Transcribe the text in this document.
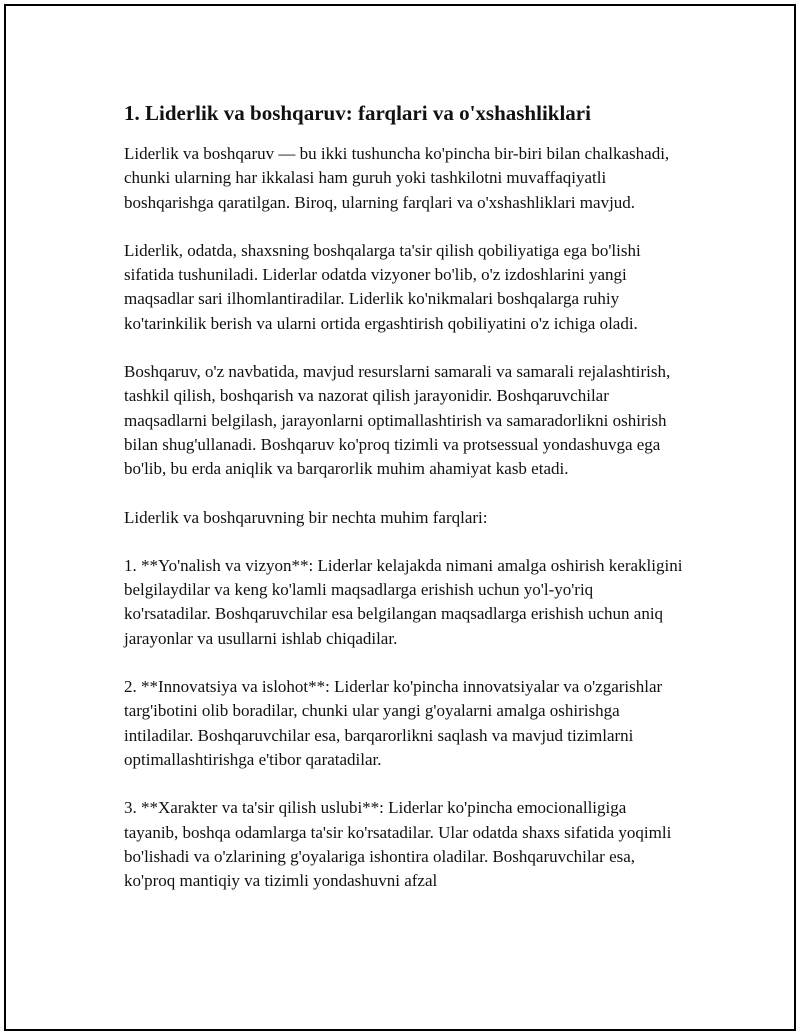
1. Liderlik va boshqaruv: farqlari va o'xshashliklari

Liderlik va boshqaruv — bu ikki tushuncha ko'pincha bir-biri bilan chalkashadi, chunki ularning har ikkalasi ham guruh yoki tashkilotni muvaffaqiyatli boshqarishga qaratilgan. Biroq, ularning farqlari va o'xshashliklari mavjud.

Liderlik, odatda, shaxsning boshqalarga ta'sir qilish qobiliyatiga ega bo'lishi sifatida tushuniladi. Liderlar odatda vizyoner bo'lib, o'z izdoshlarini yangi maqsadlar sari ilhomlantiradilar. Liderlik ko'nikmalari boshqalarga ruhiy ko'tarinkilik berish va ularni ortida ergashtirish qobiliyatini o'z ichiga oladi.

Boshqaruv, o'z navbatida, mavjud resurslarni samarali va samarali rejalashtirish, tashkil qilish, boshqarish va nazorat qilish jarayonidir. Boshqaruvchilar maqsadlarni belgilash, jarayonlarni optimallashtirish va samaradorlikni oshirish bilan shug'ullanadi. Boshqaruv ko'proq tizimli va protsessual yondashuvga ega bo'lib, bu erda aniqlik va barqarorlik muhim ahamiyat kasb etadi.

Liderlik va boshqaruvning bir nechta muhim farqlari:

1. **Yo'nalish va vizyon**: Liderlar kelajakda nimani amalga oshirish kerakligini belgilaydilar va keng ko'lamli maqsadlarga erishish uchun yo'l-yo'riq ko'rsatadilar. Boshqaruvchilar esa belgilangan maqsadlarga erishish uchun aniq jarayonlar va usullarni ishlab chiqadilar.

2. **Innovatsiya va islohot**: Liderlar ko'pincha innovatsiyalar va o'zgarishlar targ'ibotini olib boradilar, chunki ular yangi g'oyalarni amalga oshirishga intiladilar. Boshqaruvchilar esa, barqarorlikni saqlash va mavjud tizimlarni optimallashtirishga e'tibor qaratadilar.

3. **Xarakter va ta'sir qilish uslubi**: Liderlar ko'pincha emocionalligiga tayanib, boshqa odamlarga ta'sir ko'rsatadilar. Ular odatda shaxs sifatida yoqimli bo'lishadi va o'zlarining g'oyalariga ishontira oladilar. Boshqaruvchilar esa, ko'proq mantiqiy va tizimli yondashuvni afzal
